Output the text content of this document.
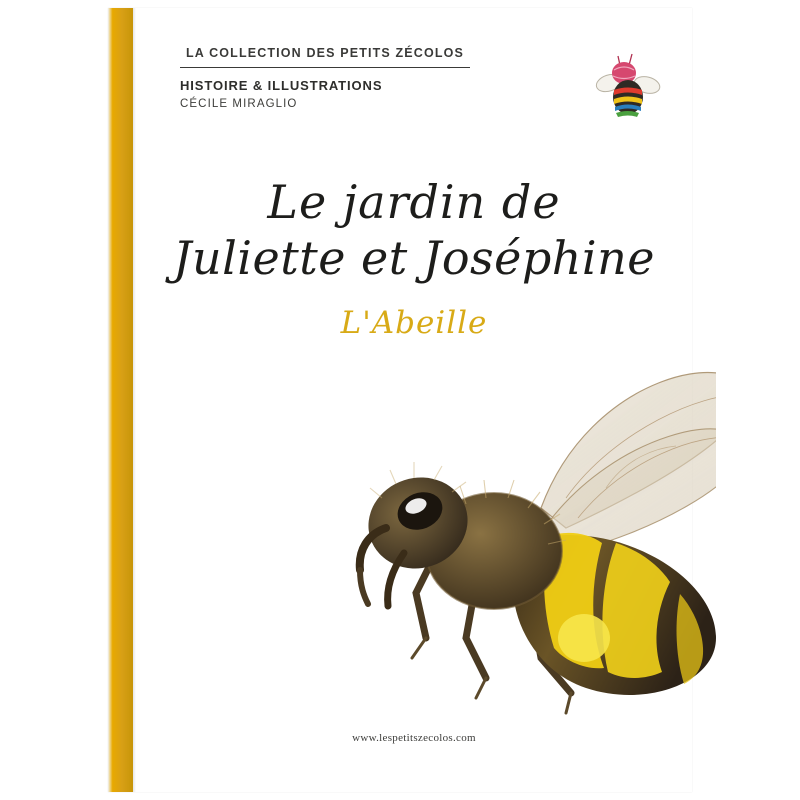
LA COLLECTION DES PETITS ZÉCOLOS
HISTOIRE & ILLUSTRATIONS
CÉCILE MIRAGLIO
Le jardin de
Juliette et Joséphine
L'Abeille
www.lespetitszecolos.com
